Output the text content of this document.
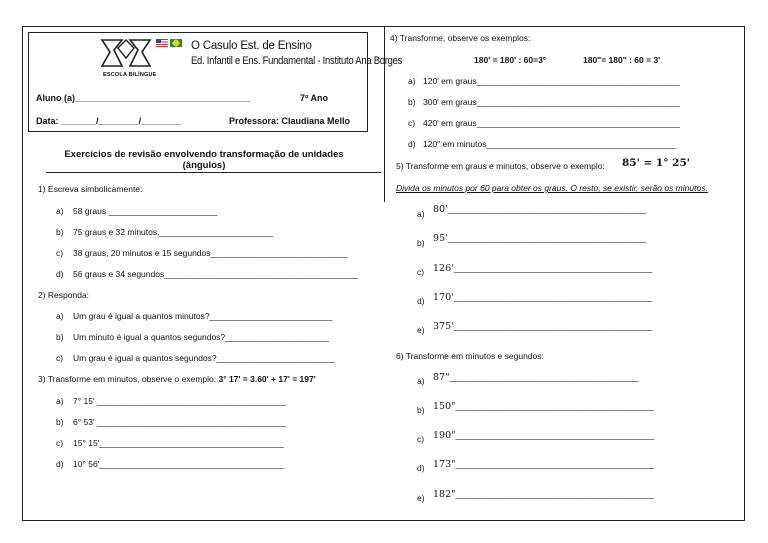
O Casulo Est. de Ensino
Ed. Infantil e Ens. Fundamental - Instituto Ana Borges
ESCOLA BILÍNGUE
Aluno (a)___________________________________	7º Ano
Data: _______/________/________	Professora: Claudiana Mello
Exercícios de revisão envolvendo transformação de unidades
(ângulos)
1) Escreva simbolicamente:
a) 58 graus _______________________
b) 75 graus e 32 minutos.________________________
c) 38 graus, 20 minutos e 15 segundos_____________________________
d) 56 graus e 34 segundos_________________________________________
2) Responda:
a) Um grau é igual a quantos minutos?__________________________
b) Um minuto é igual a quantos segundos?______________________
c) Um grau é igual a quantos segundos?_________________________
3) Transforme em minutos, observe o exemplo: 3° 17' = 3.60' + 17' = 197'
a) 7° 15' ________________________________________
b) 6° 53' ________________________________________
c) 15° 15'_______________________________________
d) 10° 56'_______________________________________
4) Transforme, observe os exemplos:
180' = 180' : 60=3°	180"= 180" : 60 = 3'
a) 120' em graus___________________________________________
b) 300' em graus___________________________________________
c) 420' em graus___________________________________________
d) 120" em minutos________________________________________
5) Transforme em graus e minutos, observe o exemplo: 85' = 1° 25'
Divida os minutos por 60 para obter os graus. O resto, se existir, serão os minutos.
a) 80'__________________________________________
b) 95'__________________________________________
c) 126'__________________________________________
d) 170'__________________________________________
e) 375'__________________________________________
6) Transforme em minutos e segundos:
a) 87"________________________________________
b) 150"__________________________________________
c) 190"__________________________________________
d) 173"__________________________________________
e) 182"__________________________________________
